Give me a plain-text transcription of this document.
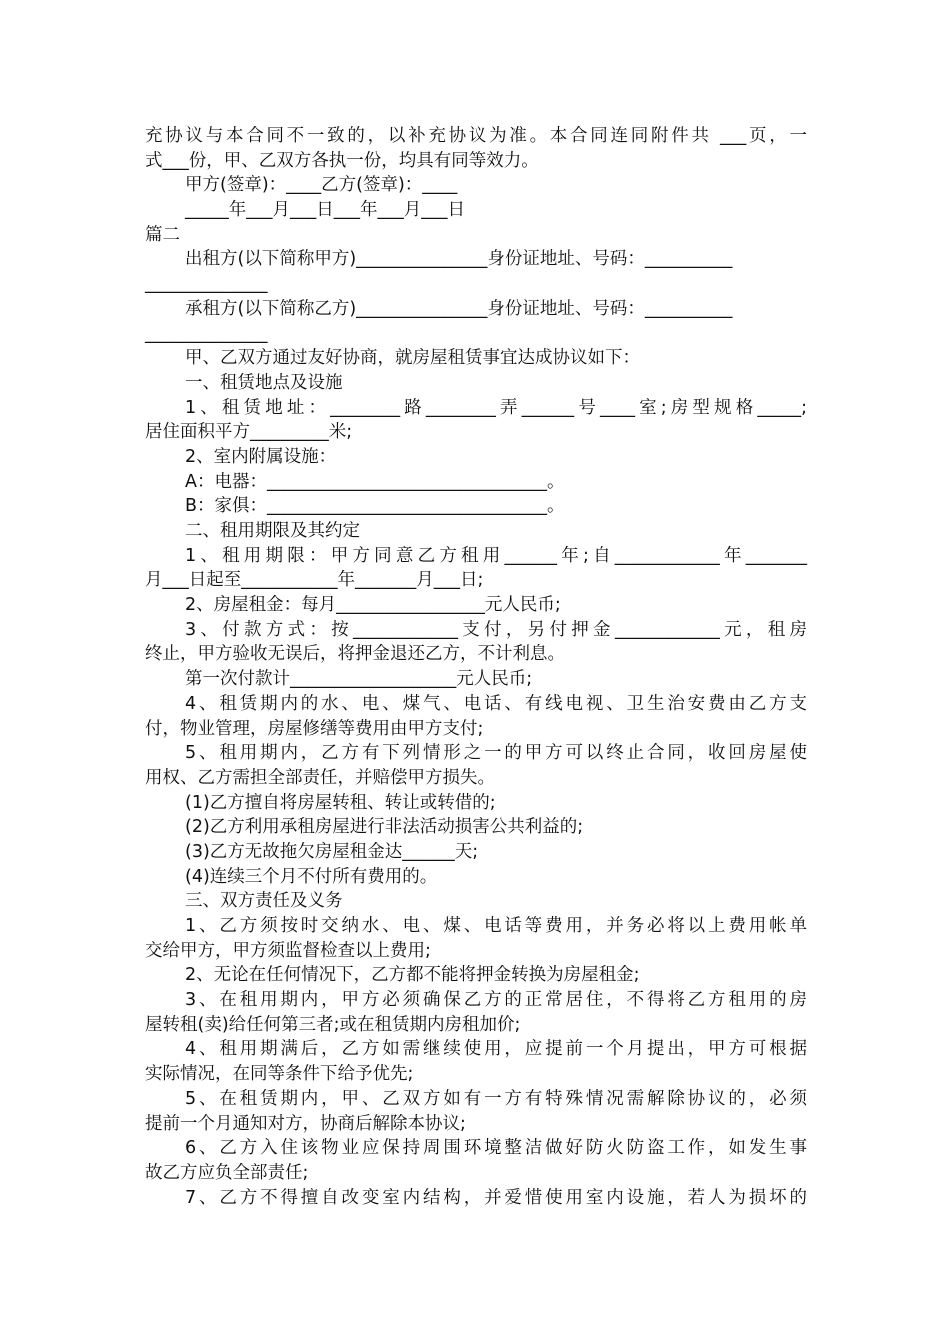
充协议与本合同不一致的，以补充协议为准。本合同连同附件共 ___页，一
式___份，甲、乙双方各执一份，均具有同等效力。
甲方(签章)：____乙方(签章)：____
_____年___月___日___年___月___日
篇二
出租方(以下简称甲方)_______________身份证地址、号码：__________
______________
承租方(以下简称乙方)_______________身份证地址、号码：__________
______________
甲、乙双方通过友好协商，就房屋租赁事宜达成协议如下：
一、租赁地点及设施
1、租赁地址：________路________弄______号____室;房型规格_____;
居住面积平方_________米;
2、室内附属设施：
A：电器：________________________________。
B：家俱：________________________________。
二、租用期限及其约定
1、租用期限：甲方同意乙方租用______年;自____________年_______
月___日起至___________年_______月___日;
2、房屋租金：每月_________________元人民币;
3、付款方式：按____________支付，另付押金____________元，租房
终止，甲方验收无误后，将押金退还乙方，不计利息。
第一次付款计___________________元人民币;
4、租赁期内的水、电、煤气、电话、有线电视、卫生治安费由乙方支
付，物业管理，房屋修缮等费用由甲方支付;
5、租用期内，乙方有下列情形之一的甲方可以终止合同，收回房屋使
用权、乙方需担全部责任，并赔偿甲方损失。
(1)乙方擅自将房屋转租、转让或转借的;
(2)乙方利用承租房屋进行非法活动损害公共利益的;
(3)乙方无故拖欠房屋租金达______天;
(4)连续三个月不付所有费用的。
三、双方责任及义务
1、乙方须按时交纳水、电、煤、电话等费用，并务必将以上费用帐单
交给甲方，甲方须监督检查以上费用;
2、无论在任何情况下，乙方都不能将押金转换为房屋租金;
3、在租用期内，甲方必须确保乙方的正常居住，不得将乙方租用的房
屋转租(卖)给任何第三者;或在租赁期内房租加价;
4、租用期满后，乙方如需继续使用，应提前一个月提出，甲方可根据
实际情况，在同等条件下给予优先;
5、在租赁期内，甲、乙双方如有一方有特殊情况需解除协议的，必须
提前一个月通知对方，协商后解除本协议;
6、乙方入住该物业应保持周围环境整洁做好防火防盗工作，如发生事
故乙方应负全部责任;
7、乙方不得擅自改变室内结构，并爱惜使用室内设施，若人为损坏的
